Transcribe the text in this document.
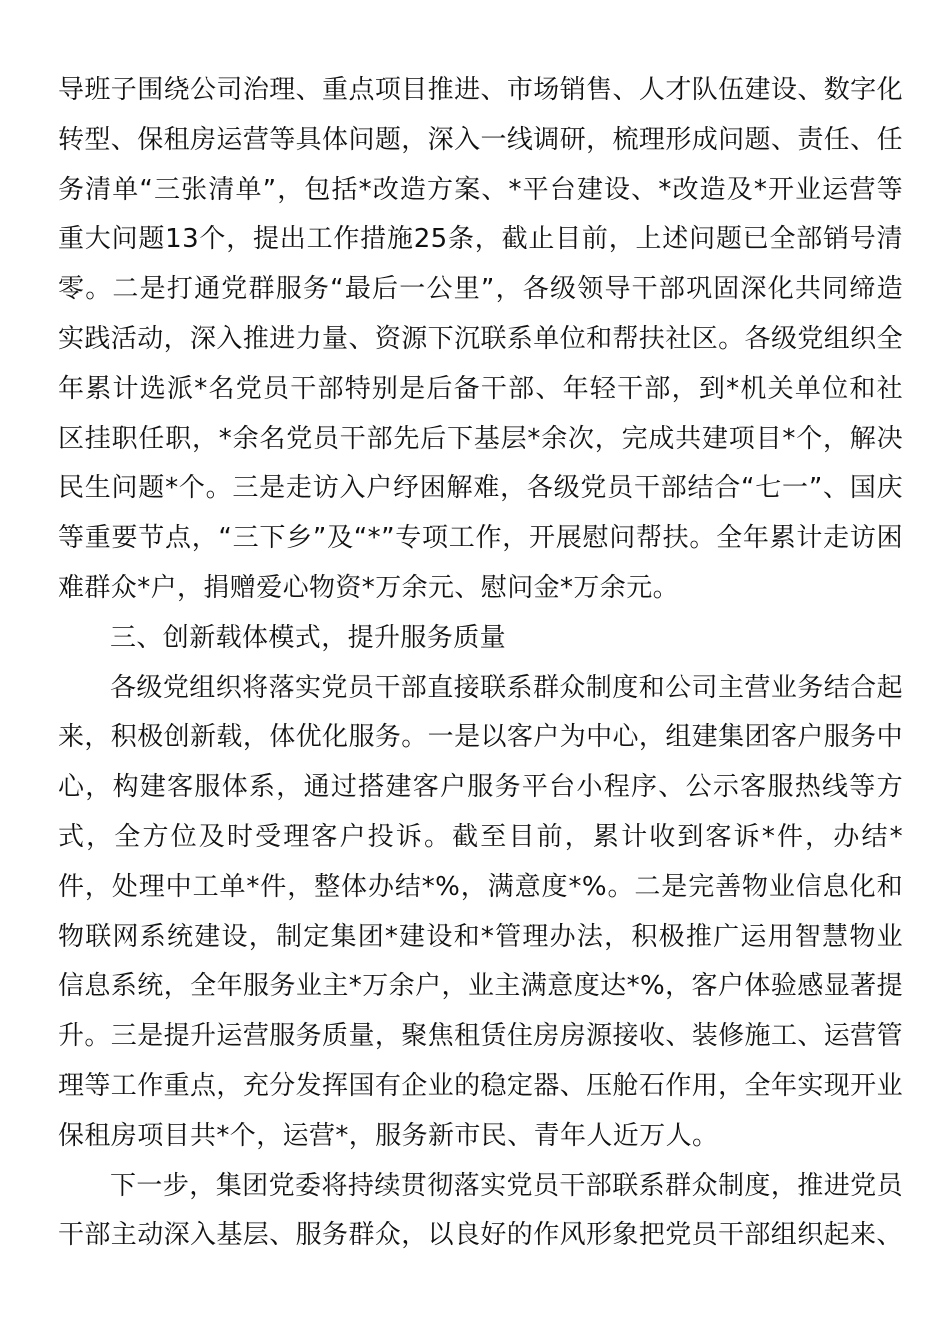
导班子围绕公司治理、重点项目推进、市场销售、人才队伍建设、数字化转型、保租房运营等具体问题，深入一线调研，梳理形成问题、责任、任务清单“三张清单”，包括*改造方案、*平台建设、*改造及*开业运营等重大问题13个，提出工作措施25条，截止目前，上述问题已全部销号清零。二是打通党群服务“最后一公里”，各级领导干部巩固深化共同缔造实践活动，深入推进力量、资源下沉联系单位和帮扶社区。各级党组织全年累计选派*名党员干部特别是后备干部、年轻干部，到*机关单位和社区挂职任职，*余名党员干部先后下基层*余次，完成共建项目*个，解决民生问题*个。三是走访入户纾困解难，各级党员干部结合“七一”、国庆等重要节点，“三下乡”及“*”专项工作，开展慰问帮扶。全年累计走访困难群众*户，捐赠爱心物资*万余元、慰问金*万余元。

三、创新载体模式，提升服务质量

各级党组织将落实党员干部直接联系群众制度和公司主营业务结合起来，积极创新载，体优化服务。一是以客户为中心，组建集团客户服务中心，构建客服体系，通过搭建客户服务平台小程序、公示客服热线等方式，全方位及时受理客户投诉。截至目前，累计收到客诉*件，办结*件，处理中工单*件，整体办结*%，满意度*%。二是完善物业信息化和物联网系统建设，制定集团*建设和*管理办法，积极推广运用智慧物业信息系统，全年服务业主*万余户，业主满意度达*%，客户体验感显著提升。三是提升运营服务质量，聚焦租赁住房房源接收、装修施工、运营管理等工作重点，充分发挥国有企业的稳定器、压舱石作用，全年实现开业保租房项目共*个，运营*，服务新市民、青年人近万人。

下一步，集团党委将持续贯彻落实党员干部联系群众制度，推进党员干部主动深入基层、服务群众，以良好的作风形象把党员干部组织起来、
